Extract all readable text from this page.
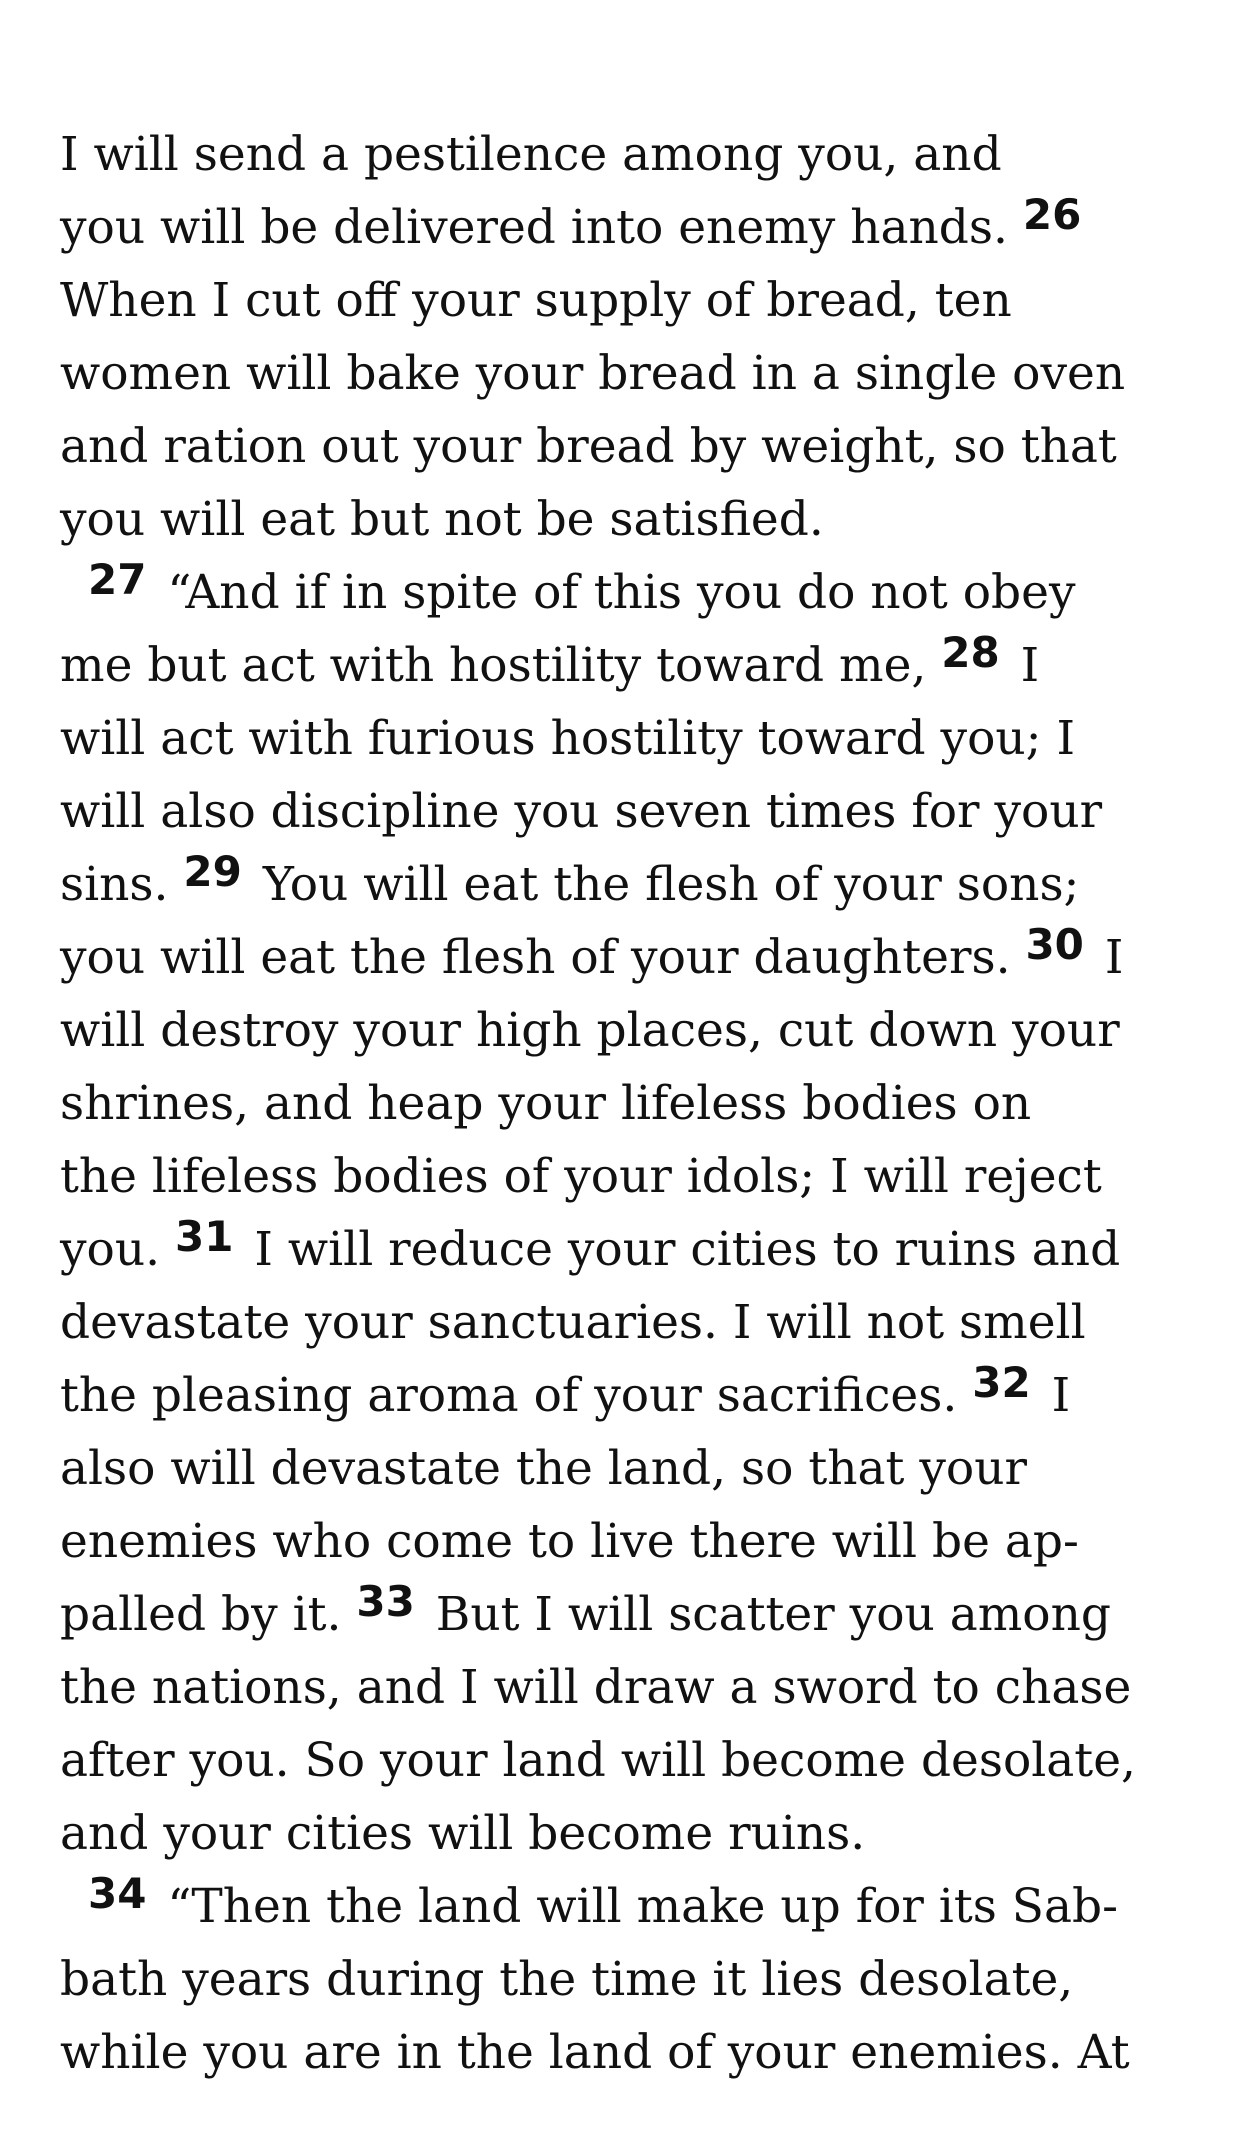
I will send a pestilence among you, and
you will be delivered into enemy hands. 26
When I cut off your supply of bread, ten
women will bake your bread in a single oven
and ration out your bread by weight, so that
you will eat but not be satisfied.
27 “And if in spite of this you do not obey
me but act with hostility toward me, 28 I
will act with furious hostility toward you; I
will also discipline you seven times for your
sins. 29 You will eat the flesh of your sons;
you will eat the flesh of your daughters. 30 I
will destroy your high places, cut down your
shrines, and heap your lifeless bodies on
the lifeless bodies of your idols; I will reject
you. 31 I will reduce your cities to ruins and
devastate your sanctuaries. I will not smell
the pleasing aroma of your sacrifices. 32 I
also will devastate the land, so that your
enemies who come to live there will be ap-
palled by it. 33 But I will scatter you among
the nations, and I will draw a sword to chase
after you. So your land will become desolate,
and your cities will become ruins.
34 “Then the land will make up for its Sab-
bath years during the time it lies desolate,
while you are in the land of your enemies. At
